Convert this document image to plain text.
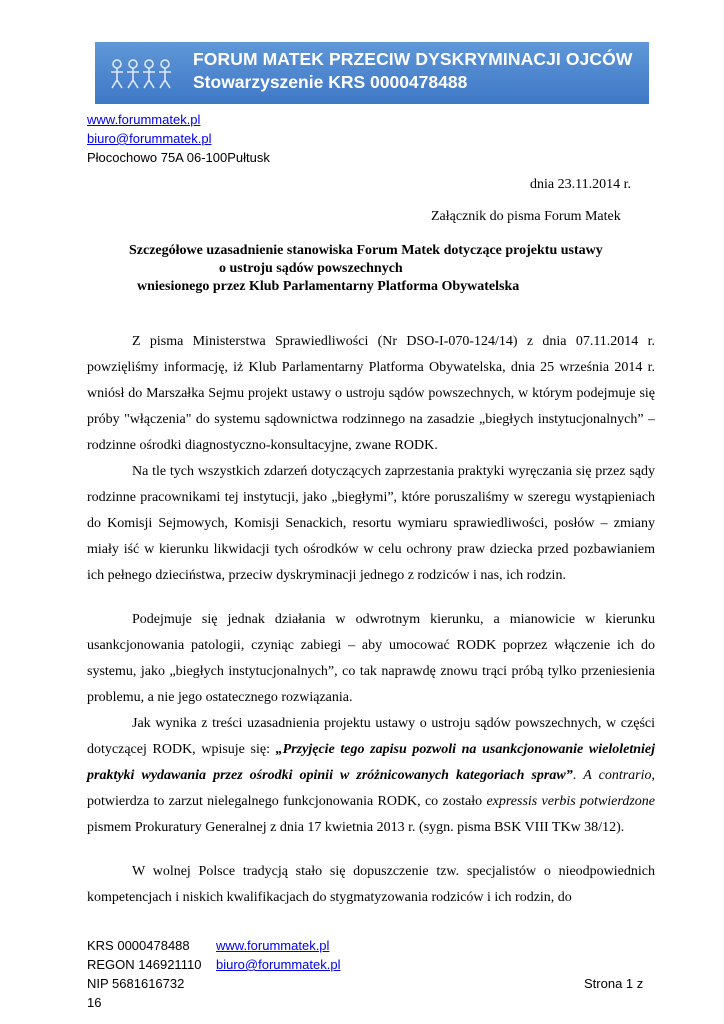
FORUM MATEK PRZECIW DYSKRYMINACJI OJCÓW
Stowarzyszenie KRS 0000478488
www.forummatek.pl
biuro@forummatek.pl
Płocochowo 75A 06-100Pułtusk
dnia 23.11.2014 r.
Załącznik do pisma Forum Matek
Szczegółowe uzasadnienie stanowiska Forum Matek dotyczące projektu ustawy
o ustroju sądów powszechnych
wniesionego przez Klub Parlamentarny Platforma Obywatelska
Z pisma Ministerstwa Sprawiedliwości (Nr DSO-I-070-124/14) z dnia 07.11.2014 r. powzięliśmy informację, iż Klub Parlamentarny Platforma Obywatelska, dnia 25 września 2014 r. wniósł do Marszałka Sejmu projekt ustawy o ustroju sądów powszechnych, w którym podejmuje się próby "włączenia" do systemu sądownictwa rodzinnego na zasadzie „biegłych instytucjonalnych” – rodzinne ośrodki diagnostyczno-konsultacyjne, zwane RODK.
Na tle tych wszystkich zdarzeń dotyczących zaprzestania praktyki wyręczania się przez sądy rodzinne pracownikami tej instytucji, jako „biegłymi”, które poruszaliśmy w szeregu wystąpieniach do Komisji Sejmowych, Komisji Senackich, resortu wymiaru sprawiedliwości, posłów – zmiany miały iść w kierunku likwidacji tych ośrodków w celu ochrony praw dziecka przed pozbawianiem ich pełnego dzieciństwa, przeciw dyskryminacji jednego z rodziców i nas, ich rodzin.
Podejmuje się jednak działania w odwrotnym kierunku, a mianowicie w kierunku usankcjonowania patologii, czyniąc zabiegi – aby umocować RODK poprzez włączenie ich do systemu, jako „biegłych instytucjonalnych”, co tak naprawdę znowu trąci próbą tylko przeniesienia problemu, a nie jego ostatecznego rozwiązania.
Jak wynika z treści uzasadnienia projektu ustawy o ustroju sądów powszechnych, w części dotyczącej RODK, wpisuje się: „Przyjęcie tego zapisu pozwoli na usankcjonowanie wieloletniej praktyki wydawania przez ośrodki opinii w zróżnicowanych kategoriach spraw”. A contrario, potwierdza to zarzut nielegalnego funkcjonowania RODK, co zostało expressis verbis potwierdzone pismem Prokuratury Generalnej z dnia 17 kwietnia 2013 r. (sygn. pisma BSK VIII TKw 38/12).
W wolnej Polsce tradycją stało się dopuszczenie tzw. specjalistów o nieodpowiednich kompetencjach i niskich kwalifikacjach do stygmatyzowania rodziców i ich rodzin, do
KRS 0000478488 www.forummatek.pl
REGON 146921110 biuro@forummatek.pl
NIP 5681616732	Strona 1 z
16
